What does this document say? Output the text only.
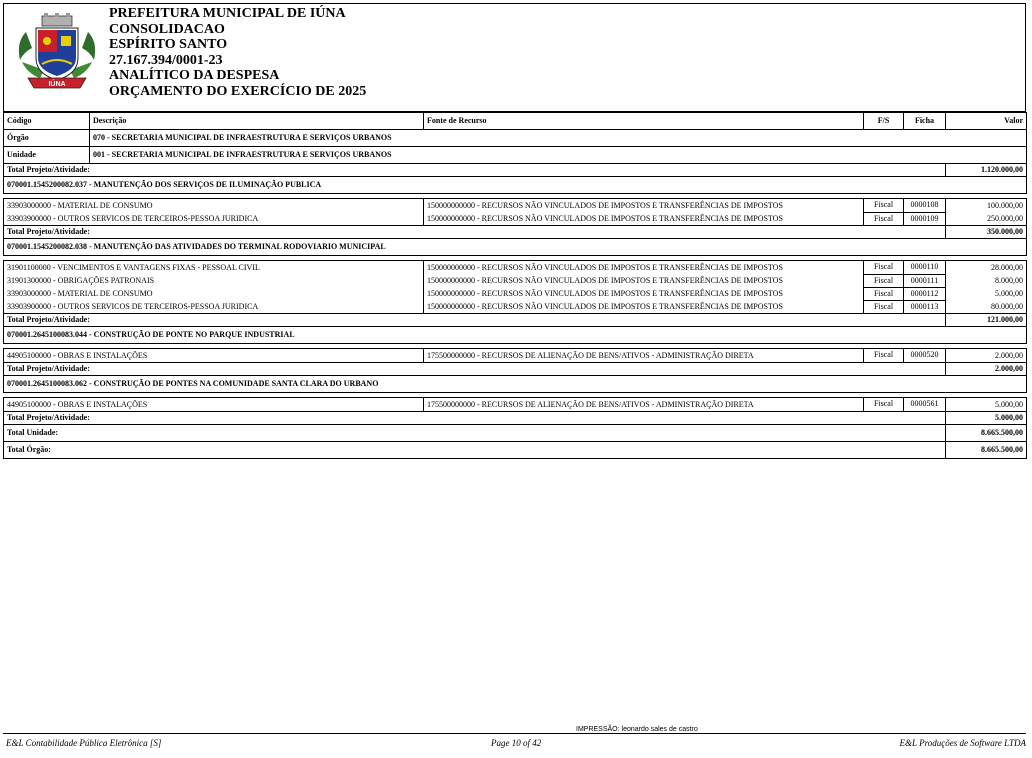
IÚNA
PREFEITURA MUNICIPAL DE IÚNA
CONSOLIDACAO
ESPÍRITO SANTO
27.167.394/0001-23
ANALÍTICO DA DESPESA
ORÇAMENTO DO EXERCÍCIO DE 2025
Código	Descrição	Fonte de Recurso	F/S	Ficha	Valor
Órgão	070 - SECRETARIA MUNICIPAL DE INFRAESTRUTURA E SERVIÇOS URBANOS				
Unidade	001 - SECRETARIA MUNICIPAL DE INFRAESTRUTURA E SERVIÇOS URBANOS				
Total Projeto/Atividade:					1.120.000,00
070001.1545200082.037 - MANUTENÇÃO DOS SERVIÇOS DE ILUMINAÇÃO PUBLICA					

33903000000 - MATERIAL DE CONSUMO		150000000000 - RECURSOS NÃO VINCULADOS DE IMPOSTOS E TRANSFERÊNCIAS DE IMPOSTOS	Fiscal	0000108	100.000,00
33903900000 - OUTROS SERVICOS DE TERCEIROS-PESSOA JURIDICA		150000000000 - RECURSOS NÃO VINCULADOS DE IMPOSTOS E TRANSFERÊNCIAS DE IMPOSTOS	Fiscal	0000109	250.000,00
Total Projeto/Atividade:					350.000,00
070001.1545200082.038 - MANUTENÇÃO DAS ATIVIDADES DO TERMINAL RODOVIARIO MUNICIPAL					

31901100000 - VENCIMENTOS E VANTAGENS FIXAS - PESSOAL CIVIL		150000000000 - RECURSOS NÃO VINCULADOS DE IMPOSTOS E TRANSFERÊNCIAS DE IMPOSTOS	Fiscal	0000110	28.000,00
31901300000 - OBRIGAÇÕES PATRONAIS		150000000000 - RECURSOS NÃO VINCULADOS DE IMPOSTOS E TRANSFERÊNCIAS DE IMPOSTOS	Fiscal	0000111	8.000,00
33903000000 - MATERIAL DE CONSUMO		150000000000 - RECURSOS NÃO VINCULADOS DE IMPOSTOS E TRANSFERÊNCIAS DE IMPOSTOS	Fiscal	0000112	5.000,00
33903900000 - OUTROS SERVICOS DE TERCEIROS-PESSOA JURIDICA		150000000000 - RECURSOS NÃO VINCULADOS DE IMPOSTOS E TRANSFERÊNCIAS DE IMPOSTOS	Fiscal	0000113	80.000,00
Total Projeto/Atividade:					121.000,00
070001.2645100083.044 - CONSTRUÇÃO DE PONTE NO PARQUE INDUSTRIAL					

44905100000 - OBRAS E INSTALAÇÕES		175500000000 - RECURSOS DE ALIENAÇÃO DE BENS/ATIVOS - ADMINISTRAÇÃO DIRETA	Fiscal	0000520	2.000,00
Total Projeto/Atividade:					2.000,00
070001.2645100083.062 - CONSTRUÇÃO DE PONTES NA COMUNIDADE SANTA CLARA DO URBANO					

44905100000 - OBRAS E INSTALAÇÕES		175500000000 - RECURSOS DE ALIENAÇÃO DE BENS/ATIVOS - ADMINISTRAÇÃO DIRETA	Fiscal	0000561	5.000,00
Total Projeto/Atividade:					5.000,00
Total Unidade:					8.665.500,00
Total Órgão:					8.665.500,00
IMPRESSÃO: leonardo sales de castro
E&L Contabilidade Pública Eletrônica [S]	Page 10 of 42	E&L Produções de Software LTDA
